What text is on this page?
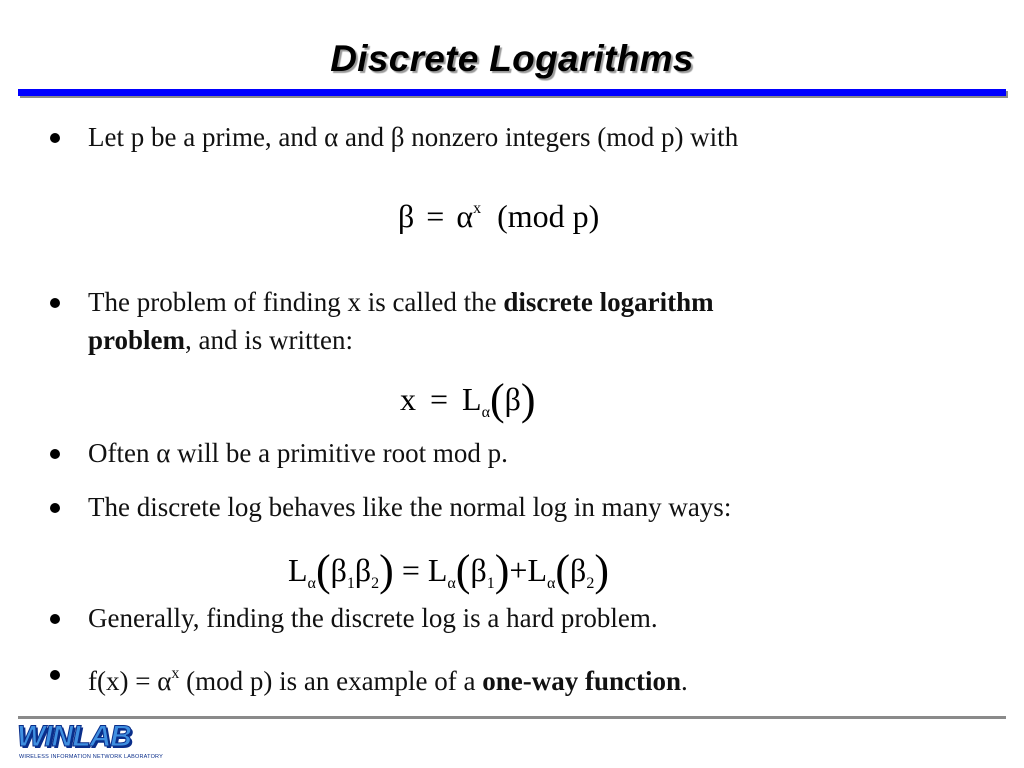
Discrete Logarithms
Let p be a prime, and α and β nonzero integers (mod p) with
$\beta = \alpha^x$ (mod p)
The problem of finding x is called the discrete logarithm
problem, and is written:
$x = L_\alpha(\beta)$
Often α will be a primitive root mod p.
The discrete log behaves like the normal log in many ways:
$L_\alpha(\beta_1\beta_2) = L_\alpha(\beta_1)+L_\alpha(\beta_2)$
Generally, finding the discrete log is a hard problem.
$f(x) = \alpha^x$ (mod p) is an example of a one-way function.
WINLAB
WIRELESS INFORMATION NETWORK LABORATORY
